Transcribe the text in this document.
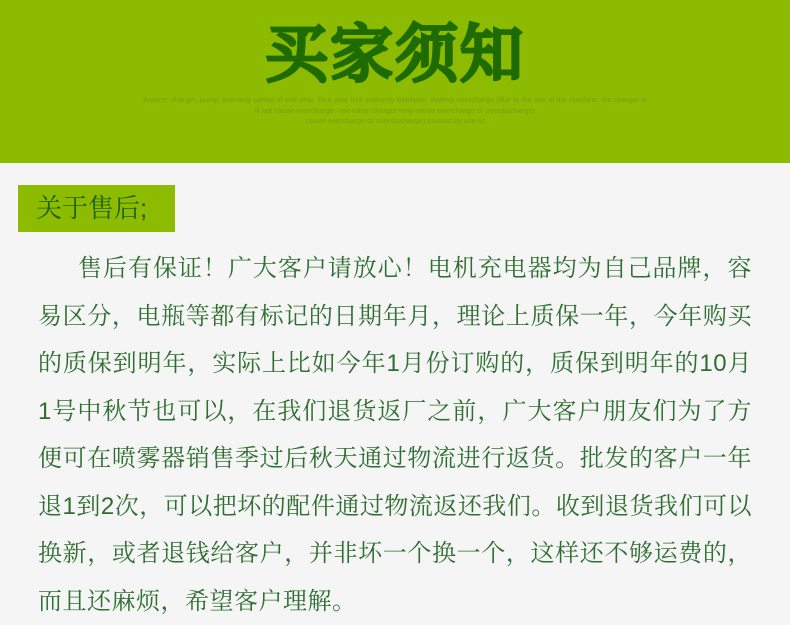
买家须知
Battery, charger, pump: warranty period of one year. One year free warranty Baohuan. Battery overcharge (due to the use of the machine, the charger w
ill not cause overcharge, use other charger may cause overcharge or overdischarge)
cause overcharge or overdischarge) caused by use or
关于售后;

售后有保证！广大客户请放心！电机充电器均为自己品牌，容易区分，电瓶等都有标记的日期年月，理论上质保一年，今年购买的质保到明年，实际上比如今年1月份订购的，质保到明年的10月1号中秋节也可以，在我们退货返厂之前，广大客户朋友们为了方便可在喷雾器销售季过后秋天通过物流进行返货。批发的客户一年退1到2次，可以把坏的配件通过物流返还我们。收到退货我们可以换新，或者退钱给客户，并非坏一个换一个，这样还不够运费的，而且还麻烦，希望客户理解。
